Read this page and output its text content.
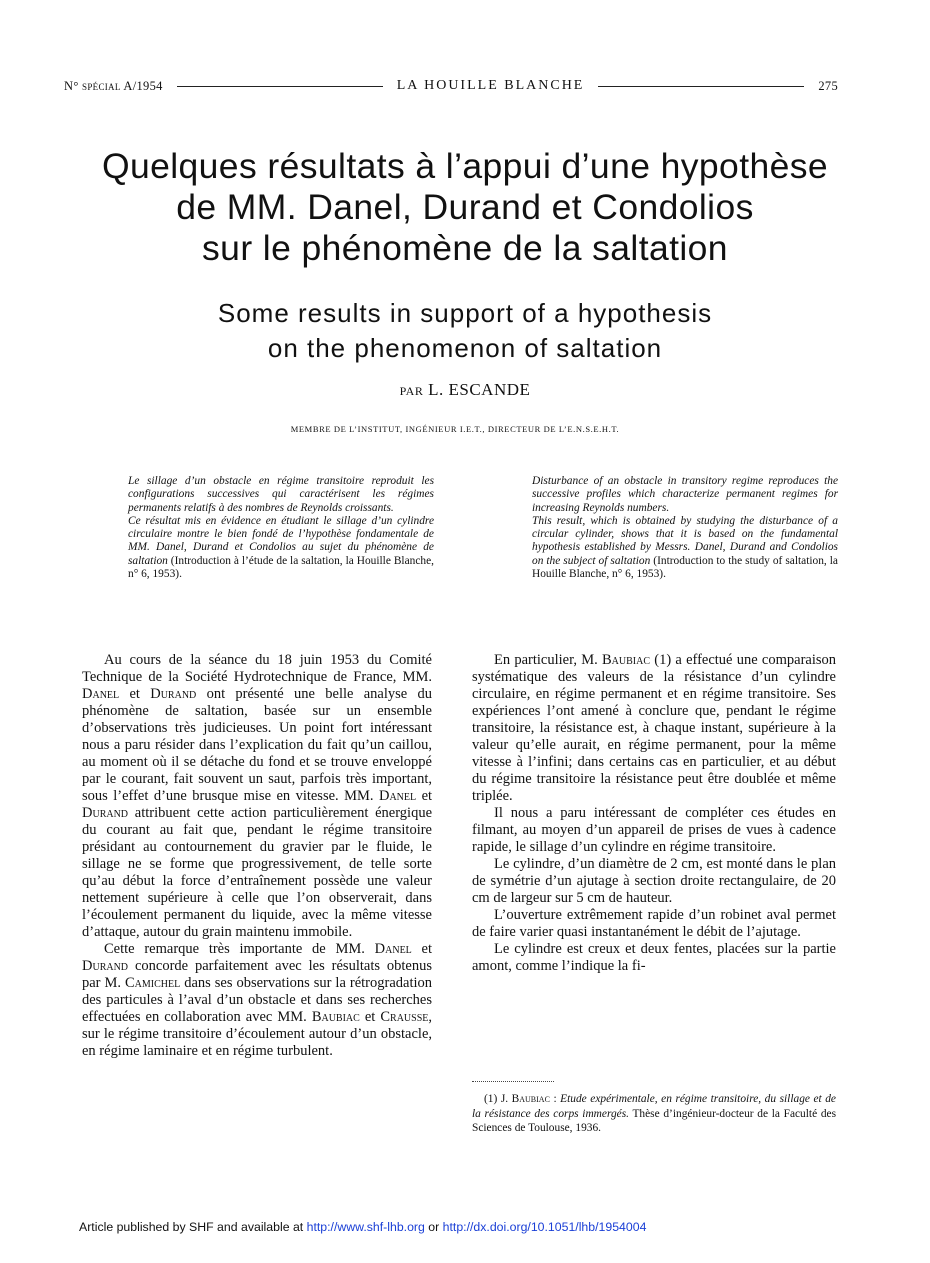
N° spécial A/1954	LA HOUILLE BLANCHE	275
Quelques résultats à l’appui d’une hypothèse
de MM. Danel, Durand et Condolios
sur le phénomène de la saltation
Some results in support of a hypothesis
on the phenomenon of saltation
par L. ESCANDE
MEMBRE DE L’INSTITUT, INGÉNIEUR I.E.T., DIRECTEUR DE L’E.N.S.E.H.T.

Le sillage d’un obstacle en régime transitoire reproduit les configurations successives qui caractérisent les régimes permanents relatifs à des nombres de Reynolds croissants.

Ce résultat mis en évidence en étudiant le sillage d’un cylindre circulaire montre le bien fondé de l’hypothèse fondamentale de MM. Danel, Durand et Condolios au sujet du phénomène de saltation (Introduction à l’étude de la saltation, la Houille Blanche, n° 6, 1953).

Disturbance of an obstacle in transitory regime reproduces the successive profiles which characterize permanent regimes for increasing Reynolds numbers.

This result, which is obtained by studying the disturbance of a circular cylinder, shows that it is based on the fundamental hypothesis established by Messrs. Danel, Durand and Condolios on the subject of saltation (Introduction to the study of saltation, la Houille Blanche, n° 6, 1953).

Au cours de la séance du 18 juin 1953 du Comité Technique de la Société Hydrotechnique de France, MM. Danel et Durand ont présenté une belle analyse du phénomène de saltation, basée sur un ensemble d’observations très judicieuses. Un point fort intéressant nous a paru résider dans l’explication du fait qu’un caillou, au moment où il se détache du fond et se trouve enveloppé par le courant, fait souvent un saut, parfois très important, sous l’effet d’une brusque mise en vitesse. MM. Danel et Durand attribuent cette action particulièrement énergique du courant au fait que, pendant le régime transitoire présidant au contournement du gravier par le fluide, le sillage ne se forme que progressivement, de telle sorte qu’au début la force d’entraînement possède une valeur nettement supérieure à celle que l’on observerait, dans l’écoulement permanent du liquide, avec la même vitesse d’attaque, autour du grain maintenu immobile.

Cette remarque très importante de MM. Danel et Durand concorde parfaitement avec les résultats obtenus par M. Camichel dans ses observations sur la rétrogradation des particules à l’aval d’un obstacle et dans ses recherches effectuées en collaboration avec MM. Baubiac et Crausse, sur le régime transitoire d’écoulement autour d’un obstacle, en régime laminaire et en régime turbulent.

En particulier, M. Baubiac (1) a effectué une comparaison systématique des valeurs de la résistance d’un cylindre circulaire, en régime permanent et en régime transitoire. Ses expériences l’ont amené à conclure que, pendant le régime transitoire, la résistance est, à chaque instant, supérieure à la valeur qu’elle aurait, en régime permanent, pour la même vitesse à l’infini; dans certains cas en particulier, et au début du régime transitoire la résistance peut être doublée et même triplée.

Il nous a paru intéressant de compléter ces études en filmant, au moyen d’un appareil de prises de vues à cadence rapide, le sillage d’un cylindre en régime transitoire.

Le cylindre, d’un diamètre de 2 cm, est monté dans le plan de symétrie d’un ajutage à section droite rectangulaire, de 20 cm de largeur sur 5 cm de hauteur.

L’ouverture extrêmement rapide d’un robinet aval permet de faire varier quasi instantanément le débit de l’ajutage.

Le cylindre est creux et deux fentes, placées sur la partie amont, comme l’indique la fi-

(1) J. Baubiac : Etude expérimentale, en régime transitoire, du sillage et de la résistance des corps immergés. Thèse d’ingénieur-docteur de la Faculté des Sciences de Toulouse, 1936.

Article published by SHF and available at http://www.shf-lhb.org or http://dx.doi.org/10.1051/lhb/1954004
